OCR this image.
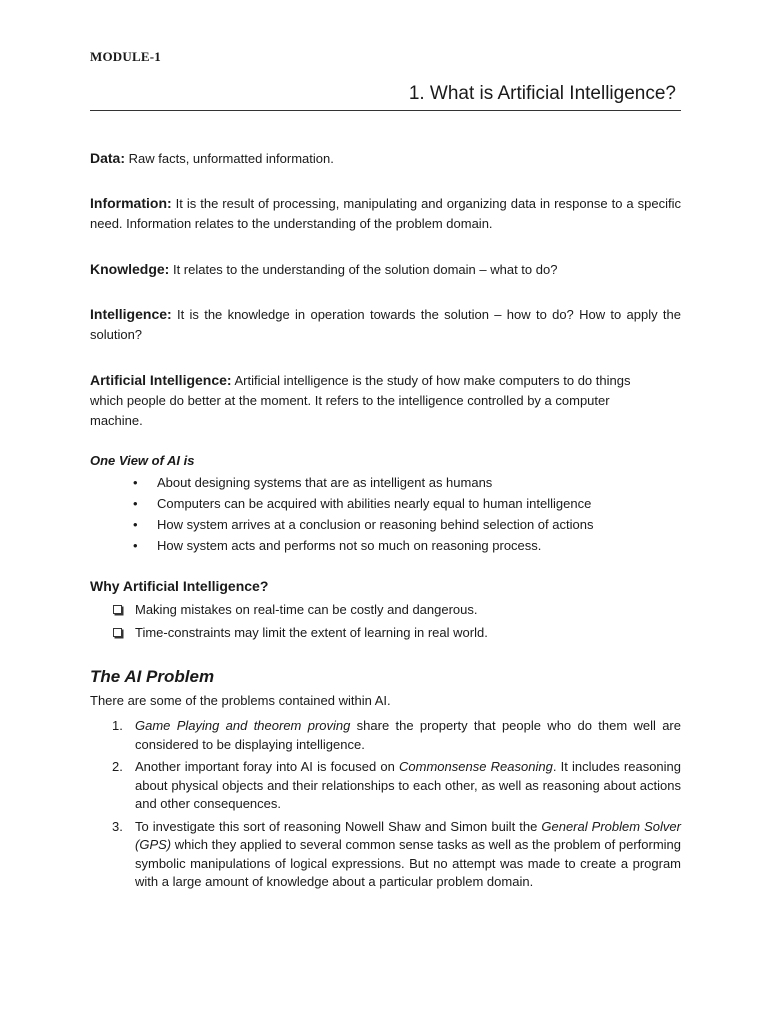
MODULE-1
1. What is Artificial Intelligence?
Data: Raw facts, unformatted information.
Information: It is the result of processing, manipulating and organizing data in response to a specific need. Information relates to the understanding of the problem domain.
Knowledge: It relates to the understanding of the solution domain – what to do?
Intelligence: It is the knowledge in operation towards the solution – how to do? How to apply the solution?
Artificial Intelligence: Artificial intelligence is the study of how make computers to do things which people do better at the moment. It refers to the intelligence controlled by a computer machine.
One View of AI is
• About designing systems that are as intelligent as humans
• Computers can be acquired with abilities nearly equal to human intelligence
• How system arrives at a conclusion or reasoning behind selection of actions
• How system acts and performs not so much on reasoning process.
Why Artificial Intelligence?
Making mistakes on real-time can be costly and dangerous.
Time-constraints may limit the extent of learning in real world.
The AI Problem
There are some of the problems contained within AI.
1. Game Playing and theorem proving share the property that people who do them well are considered to be displaying intelligence.
2. Another important foray into AI is focused on Commonsense Reasoning. It includes reasoning about physical objects and their relationships to each other, as well as reasoning about actions and other consequences.
3. To investigate this sort of reasoning Nowell Shaw and Simon built the General Problem Solver (GPS) which they applied to several common sense tasks as well as the problem of performing symbolic manipulations of logical expressions. But no attempt was made to create a program with a large amount of knowledge about a particular problem domain.
